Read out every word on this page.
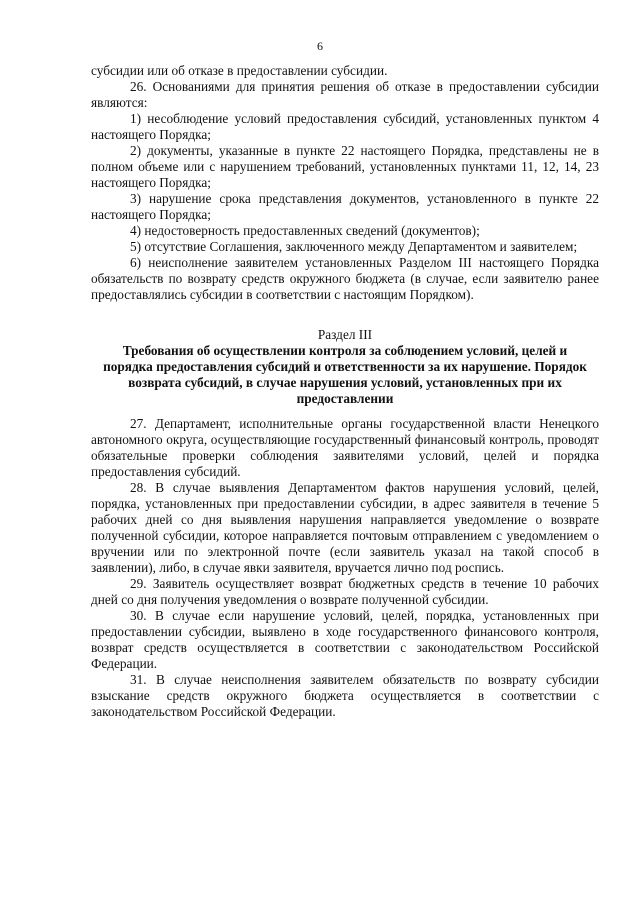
6

субсидии или об отказе в предоставлении субсидии.

26. Основаниями для принятия решения об отказе в предоставлении субсидии являются:

1) несоблюдение условий предоставления субсидий, установленных пунктом 4 настоящего Порядка;

2) документы, указанные в пункте 22 настоящего Порядка, представлены не в полном объеме или с нарушением требований, установленных пунктами 11, 12, 14, 23 настоящего Порядка;

3) нарушение срока представления документов, установленного в пункте 22 настоящего Порядка;

4) недостоверность предоставленных сведений (документов);

5) отсутствие Соглашения, заключенного между Департаментом и заявителем;

6) неисполнение заявителем установленных Разделом III настоящего Порядка обязательств по возврату средств окружного бюджета (в случае, если заявителю ранее предоставлялись субсидии в соответствии с настоящим Порядком).

Раздел III
Требования об осуществлении контроля за соблюдением условий, целей и порядка предоставления субсидий и ответственности за их нарушение. Порядок возврата субсидий, в случае нарушения условий, установленных при их предоставлении

27. Департамент, исполнительные органы государственной власти Ненецкого автономного округа, осуществляющие государственный финансовый контроль, проводят обязательные проверки соблюдения заявителями условий, целей и порядка предоставления субсидий.

28. В случае выявления Департаментом фактов нарушения условий, целей, порядка, установленных при предоставлении субсидии, в адрес заявителя в течение 5 рабочих дней со дня выявления нарушения направляется уведомление о возврате полученной субсидии, которое направляется почтовым отправлением с уведомлением о вручении или по электронной почте (если заявитель указал на такой способ в заявлении), либо, в случае явки заявителя, вручается лично под роспись.

29. Заявитель осуществляет возврат бюджетных средств в течение 10 рабочих дней со дня получения уведомления о возврате полученной субсидии.

30. В случае если нарушение условий, целей, порядка, установленных при предоставлении субсидии, выявлено в ходе государственного финансового контроля, возврат средств осуществляется в соответствии с законодательством Российской Федерации.

31. В случае неисполнения заявителем обязательств по возврату субсидии взыскание средств окружного бюджета осуществляется в соответствии с законодательством Российской Федерации.
